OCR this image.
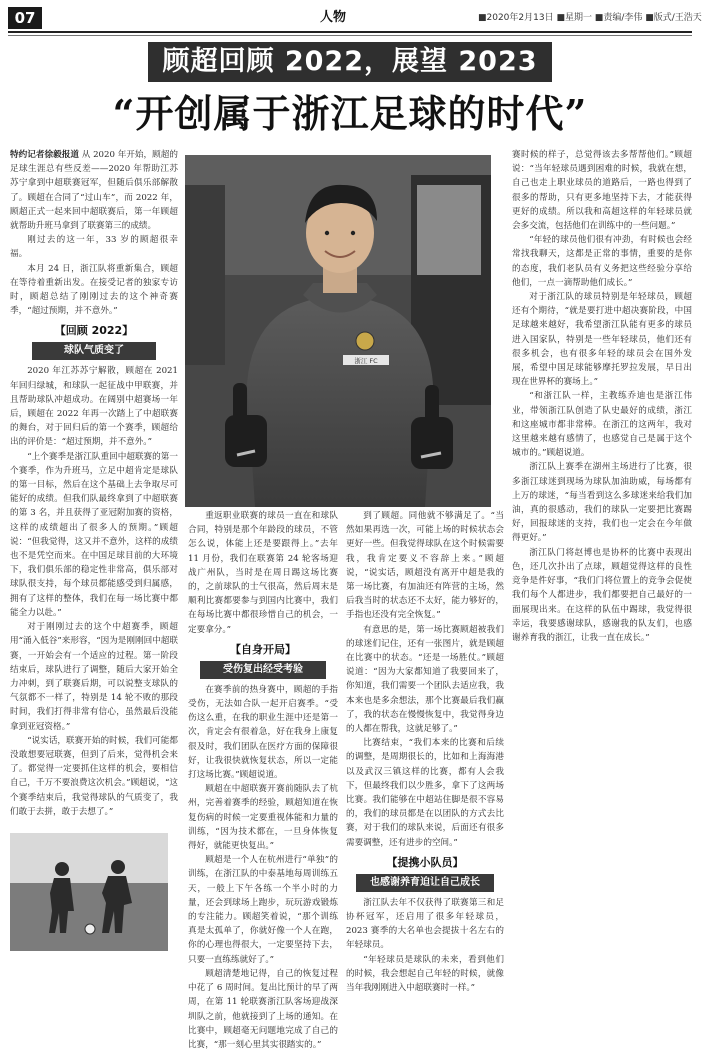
07	人物	■2020年2月13日 ■星期一 ■责编/李伟 ■版式/王浩天
顾超回顾 2022，展望 2023
“开创属于浙江足球的时代”

特约记者徐毅报道 从 2020 年开始，顾超的足球生涯总有些反差——2020 年帮助江苏苏宁拿到中超联赛冠军，但随后俱乐部解散了。顾超在合同了“过山车”，而 2022 年，顾超正式一起来回中超联赛后，第一年顾超就帮助升班马拿到了联赛第三的成绩。

刚过去的这一年，33 岁的顾超很幸福。

本月 24 日，浙江队将重新集合，顾超在等待着重新出发。在接受记者的独家专访时，顾超总结了刚刚过去的这个神奇赛季，“超过预期，并不意外。”

【回顾 2022】
球队气质变了

2020 年江苏苏宁解散，顾超在 2021 年回归绿城，和球队一起征战中甲联赛，并且帮助球队冲超成功。在阔别中超赛场一年后，顾超在 2022 年再一次踏上了中超联赛的舞台，对于回归后的第一个赛季，顾超给出的评价是：“超过预期，并不意外。”

“上个赛季是浙江队重回中超联赛的第一个赛季，作为升班马，立足中超肯定是球队的第一目标，然后在这个基础上去争取尽可能好的成绩。但我们队最终拿到了中超联赛的第 3 名，并且获得了亚冠附加赛的资格，这样的成绩超出了很多人的预期。”顾超说：“但我觉得，这又并不意外，这样的成绩也不是凭空而来。在中国足球目前的大环境下，我们俱乐部的稳定性非常高，俱乐部对球队很支持，每个球员都能感受到归属感，拥有了这样的整体，我们在每一场比赛中都能全力以赴。”

对于刚刚过去的这个中超赛季，顾超用“涌入低谷”来形容，“因为是刚刚回中超联赛，一开始会有一个适应的过程。第一阶段结束后，球队进行了调整，随后大家开始全力冲刺，到了联赛后期，可以说整支球队的气氛都不一样了，特别是 14 轮不败的那段时间，我们打得非常有信心，虽然最后没能拿到亚冠资格。”

“说实话，联赛开始的时候，我们可能都没敢想要冠联赛，但到了后来，觉得机会来了。都觉得一定要抓住这样的机会，要相信自己，千万不要浪费这次机会。”顾超说，“这个赛季结束后，我觉得球队的气质变了，我们敢于去拼，敢于去想了。”

浙江 FC

重返职业联赛的球员一直在和球队合同，特别是那个年龄段的球员，不管怎么说，体能上还是要跟得上。”去年 11 月份，我们在联赛第 24 轮客场迎战广州队，当时是在周日踢这场比赛的，之前球队的士气很高，然后周末是顺利比赛都要参与到国内比赛中，我们在每场比赛中都很珍惜自己的机会，一定要拿分。”

【自身开局】
受伤复出经受考验

在赛季前的热身赛中，顾超的手指受伤，无法如合队一起开启赛季。“受伤这么重，在我的职业生涯中还是第一次，肯定会有很着急，好在我身上康复很及时，我们团队在医疗方面的保障很好，让我很快就恢复状态，所以一定能打这场比赛。”顾超说道。

顾超在中超联赛开赛前随队去了杭州，完善着赛季的经验，顾超知道在恢复伤病的时候一定要重视体能和力量的训练，“因为技术都在，一旦身体恢复得好，就能更快复出。”

顾超是一个人在杭州进行“单独”的训练，在浙江队的中泰基地每周训练五天，一般上下午各练一个半小时的力量，还会到球场上跑步，玩玩游戏锻炼的专注能力。顾超笑着说，“那个训练真是太孤单了，你就好像一个人在跑，你的心理也得很大，一定要坚持下去，只要一直练练就好了。”

顾超清楚地记得，自己的恢复过程中花了 6 周时间。复出比预计的早了两周，在第 11 轮联赛浙江队客场迎战深圳队之前，他就接到了上场的通知。在比赛中，顾超毫无问题地完成了自己的比赛，“那一刻心里其实很踏实的。”

到了顾超。同他就不够满足了。“当然如果再选一次，可能上场的时候状态会更好一些。但我觉得球队在这个时候需要我，我肯定要义不容辞上来。”顾超说，“说实话，顾超没有离开中超是我的第一场比赛，有加油还有阵营的主场，然后我当时的状态还不太好，能力够好的，手指也还没有完全恢复。”

有意思的是，第一场比赛顾超被我们的球迷们记住，还有一张图片，就是顾超在比赛中的状态。“还是一场胜仗。”顾超说道：“因为大家都知道了我要回来了，你知道，我们需要一个团队去适应我，我本来也是多余想法，那个比赛最后我们赢了，我的状态在慢慢恢复中，我觉得身边的人都在帮我，这就足够了。”

比赛结束，“我们本来的比赛和后续的调整，是周期很长的，比如和上海海港以及武汉三镇这样的比赛，都有人会我下，但最终我们以少胜多，拿下了这两场比赛。我们能够在中超站住脚是很不容易的，我们的球员都是在以团队的方式去比赛，对于我们的球队来说，后面还有很多需要调整，还有进步的空间。”

【提携小队员】
也感谢养育迫让自己成长

浙江队去年不仅获得了联赛第三和足协杯冠军，还启用了很多年轻球员，2023 赛季的大名单也会提拔十名左右的年轻球员。

“年轻球员是球队的未来，看到他们的时候，我会想起自己年轻的时候，就像当年我刚刚进入中超联赛时一样。”

赛时候的样子，总觉得该去多帮帮他们。”顾超说：“当年轻球员遇到困难的时候，我就在想，自己也走上职业球员的道路后，一路也得到了很多的帮助，只有更多地坚持下去，才能获得更好的成绩。所以我和高超这样的年轻球员就会多交流，包括他们在训练中的一些问题。”

“年轻的球员他们很有冲劲，有时候也会经常找我聊天，这都是正常的事情，重要的是你的态度，我们老队员有义务把这些经验分享给他们，一点一滴帮助他们成长。”

对于浙江队的球员特别是年轻球员，顾超还有个期待，“就是要打进中超决赛阶段，中国足球越来越好，我希望浙江队能有更多的球员进入国家队，特别是一些年轻球员，他们还有很多机会，也有很多年轻的球员会在国外发展，希望中国足球能够摩托罗拉发展，早日出现在世界杯的赛场上。”

“和浙江队一样，主教练乔迪也是浙江伟业，带领浙江队创造了队史最好的成绩，浙江和这座城市都非常棒。在浙江的这两年，我对这里越来越有感情了，也感觉自己是属于这个城市的。”顾超说道。

浙江队上赛季在湖州主场进行了比赛，很多浙江球迷到现场为球队加油助威，每场都有上万的球迷，“每当看到这么多球迷来给我们加油，真的很感动，我们的球队一定要把比赛踢好，回报球迷的支持，我们也一定会在今年做得更好。”

浙江队门将赵博也是协杯的比赛中表现出色，还几次扑出了点球，顾超觉得这样的良性竞争是件好事，“我们门将位置上的竞争会促使我们每个人都进步，我们都要把自己最好的一面展现出来。在这样的队伍中踢球，我觉得很幸运，我要感谢球队，感谢我的队友们，也感谢养育我的浙江，让我一直在成长。”
